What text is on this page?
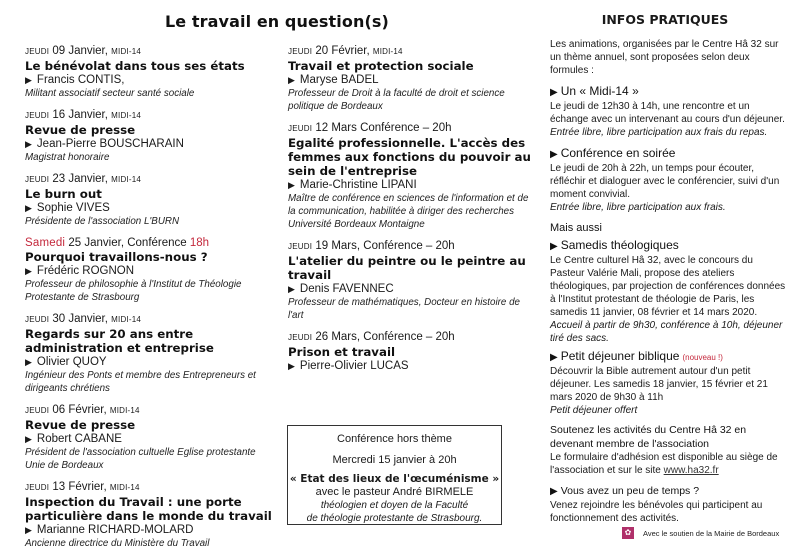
Le travail en question(s)
JEUDI 09 Janvier, MIDI-14
Le bénévolat dans tous ses états
▶ Francis CONTIS,
Militant associatif secteur santé sociale
JEUDI 16 Janvier, MIDI-14
Revue de presse
▶ Jean-Pierre BOUSCHARAIN
Magistrat honoraire
JEUDI 23 Janvier, MIDI-14
Le burn out
▶ Sophie VIVES
Présidente de l'association L'BURN
Samedi 25 Janvier, Conférence 18h
Pourquoi travaillons-nous ?
▶ Frédéric ROGNON
Professeur de philosophie à l'Institut de Théologie Protestante de Strasbourg
JEUDI 30 Janvier, MIDI-14
Regards sur 20 ans entre administration et entreprise
▶ Olivier QUOY
Ingénieur des Ponts et membre des Entrepreneurs et dirigeants chrétiens
JEUDI 06 Février, MIDI-14
Revue de presse
▶ Robert CABANE
Président de l'association cultuelle Eglise protestante Unie de Bordeaux
JEUDI 13 Février, MIDI-14
Inspection du Travail : une porte particulière dans le monde du travail
▶ Marianne RICHARD-MOLARD
Ancienne directrice du Ministère du Travail
JEUDI 20 Février, MIDI-14
Travail et protection sociale
▶ Maryse BADEL
Professeur de Droit à la faculté de droit et science politique de Bordeaux
JEUDI 12 Mars Conférence – 20h
Egalité professionnelle. L'accès des femmes aux fonctions du pouvoir au sein de l'entreprise
▶ Marie-Christine LIPANI
Maître de conférence en sciences de l'information et de la communication, habilitée à diriger des recherches Université Bordeaux Montaigne
JEUDI 19 Mars, Conférence – 20h
L'atelier du peintre ou le peintre au travail
▶ Denis FAVENNEC
Professeur de mathématiques, Docteur en histoire de l'art
JEUDI 26 Mars, Conférence – 20h
Prison et travail
▶ Pierre-Olivier LUCAS
Conférence hors thème
Mercredi 15 janvier à 20h
« Etat des lieux de l'œcuménisme »
avec le pasteur André BIRMELE
théologien et doyen de la Faculté
de théologie protestante de Strasbourg.
INFOS PRATIQUES
Les animations, organisées par le Centre Hâ 32 sur un thème annuel, sont proposées selon deux formules :
▶ Un « Midi-14 »
Le jeudi de 12h30 à 14h, une rencontre et un échange avec un intervenant au cours d'un déjeuner.
Entrée libre, libre participation aux frais du repas.
▶ Conférence en soirée
Le jeudi de 20h à 22h, un temps pour écouter, réfléchir et dialoguer avec le conférencier, suivi d'un moment convivial.
Entrée libre, libre participation aux frais.
Mais aussi
▶ Samedis théologiques
Le Centre culturel Hâ 32, avec le concours du Pasteur Valérie Mali, propose des ateliers théologiques, par projection de conférences données à l'Institut protestant de théologie de Paris, les samedis 11 janvier, 08 février et 14 mars 2020.
Accueil à partir de 9h30, conférence à 10h, déjeuner tiré des sacs.
▶ Petit déjeuner biblique (nouveau !)
Découvrir la Bible autrement autour d'un petit déjeuner. Les samedis 18 janvier, 15 février et 21 mars 2020 de 9h30 à 11h
Petit déjeuner offert
Soutenez les activités du Centre Hâ 32 en devenant membre de l'association
Le formulaire d'adhésion est disponible au siège de l'association et sur le site www.ha32.fr
▶ Vous avez un peu de temps ?
Venez rejoindre les bénévoles qui participent au fonctionnement des activités.
✿	Avec le soutien de la Mairie de Bordeaux
